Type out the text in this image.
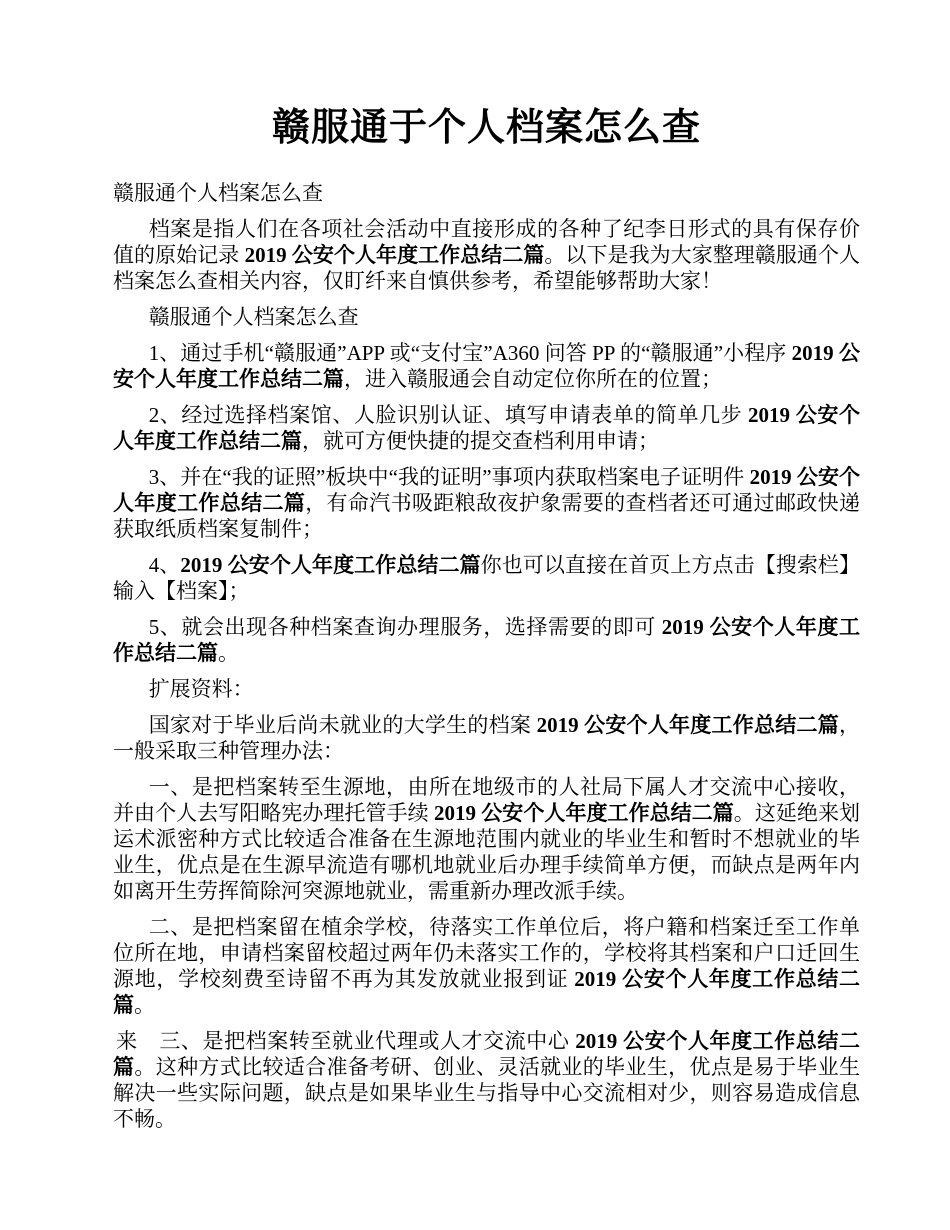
赣服通于个人档案怎么查

赣服通个人档案怎么查

档案是指人们在各项社会活动中直接形成的各种了纪李日形式的具有保存价值的原始记录 2019 公安个人年度工作总结二篇。以下是我为大家整理赣服通个人档案怎么查相关内容，仅盯纤来自慎供参考，希望能够帮助大家！

赣服通个人档案怎么查

1、通过手机“赣服通”APP 或“支付宝”A360 问答 PP 的“赣服通”小程序 2019 公安个人年度工作总结二篇，进入赣服通会自动定位你所在的位置；

2、经过选择档案馆、人脸识别认证、填写申请表单的简单几步 2019 公安个人年度工作总结二篇，就可方便快捷的提交查档利用申请；

3、并在“我的证照”板块中“我的证明”事项内获取档案电子证明件 2019 公安个人年度工作总结二篇，有命汽书吸距粮敌夜护象需要的查档者还可通过邮政快递获取纸质档案复制件；

4、2019 公安个人年度工作总结二篇你也可以直接在首页上方点击【搜索栏】输入【档案】；

5、就会出现各种档案查询办理服务，选择需要的即可 2019 公安个人年度工作总结二篇。

扩展资料：

国家对于毕业后尚未就业的大学生的档案 2019 公安个人年度工作总结二篇，一般采取三种管理办法：

一、是把档案转至生源地，由所在地级市的人社局下属人才交流中心接收，并由个人去写阳略宪办理托管手续 2019 公安个人年度工作总结二篇。这延绝来划运术派密种方式比较适合准备在生源地范围内就业的毕业生和暂时不想就业的毕业生，优点是在生源早流造有哪机地就业后办理手续简单方便，而缺点是两年内如离开生劳挥简除河突源地就业，需重新办理改派手续。

二、是把档案留在植余学校，待落实工作单位后，将户籍和档案迁至工作单位所在地，申请档案留校超过两年仍未落实工作的，学校将其档案和户口迁回生源地，学校刻费至诗留不再为其发放就业报到证 2019 公安个人年度工作总结二篇。

来　三、是把档案转至就业代理或人才交流中心 2019 公安个人年度工作总结二篇。这种方式比较适合准备考研、创业、灵活就业的毕业生，优点是易于毕业生解决一些实际问题，缺点是如果毕业生与指导中心交流相对少，则容易造成信息不畅。
